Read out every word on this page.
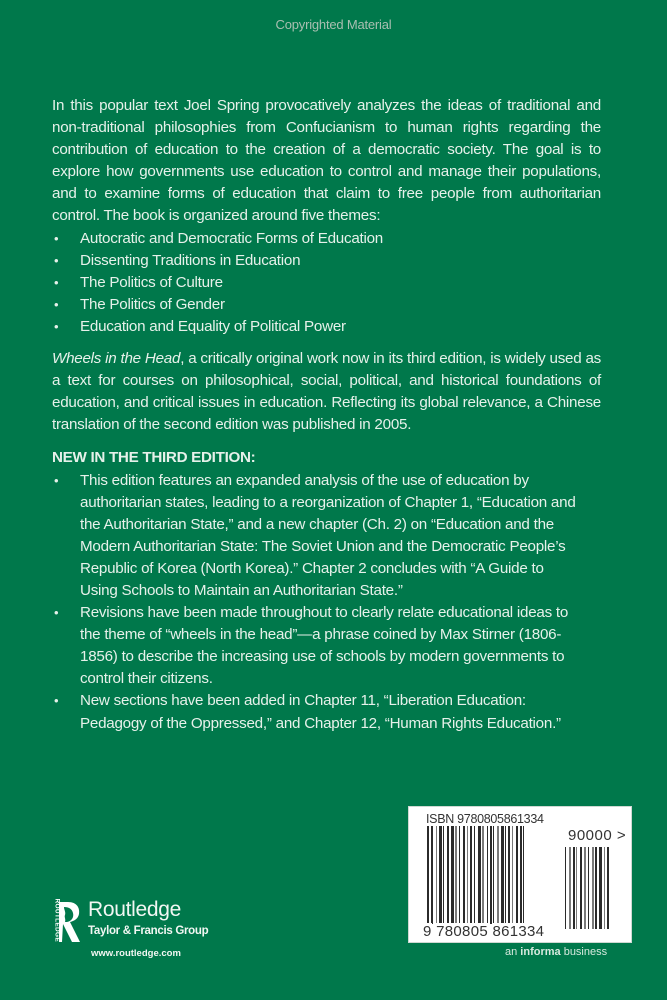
Copyrighted Material

In this popular text Joel Spring provocatively analyzes the ideas of traditional and non-traditional philosophies from Confucianism to human rights regarding the contribution of education to the creation of a democratic society. The goal is to explore how governments use education to control and manage their populations, and to examine forms of education that claim to free people from authoritarian control. The book is organized around five themes:

• Autocratic and Democratic Forms of Education
• Dissenting Traditions in Education
• The Politics of Culture
• The Politics of Gender
• Education and Equality of Political Power

Wheels in the Head, a critically original work now in its third edition, is widely used as a text for courses on philosophical, social, political, and historical foundations of education, and critical issues in education. Reflecting its global relevance, a Chinese translation of the second edition was published in 2005.

NEW IN THE THIRD EDITION:

• This edition features an expanded analysis of the use of education by authoritarian states, leading to a reorganization of Chapter 1, “Education and the Authoritarian State,” and a new chapter (Ch. 2) on “Education and the Modern Authoritarian State: The Soviet Union and the Democratic People’s Republic of Korea (North Korea).” Chapter 2 concludes with “A Guide to Using Schools to Maintain an Authoritarian State.”
• Revisions have been made throughout to clearly relate educational ideas to the theme of “wheels in the head”—a phrase coined by Max Stirner (1806-1856) to describe the increasing use of schools by modern governments to control their citizens.
• New sections have been added in Chapter 11, “Liberation Education: Pedagogy of the Oppressed,” and Chapter 12, “Human Rights Education.”
ROUTLEDGE Routledge
Taylor & Francis Group
www.routledge.com
ISBN 9780805861334
90000 >
9 780805 861334
an informa business
